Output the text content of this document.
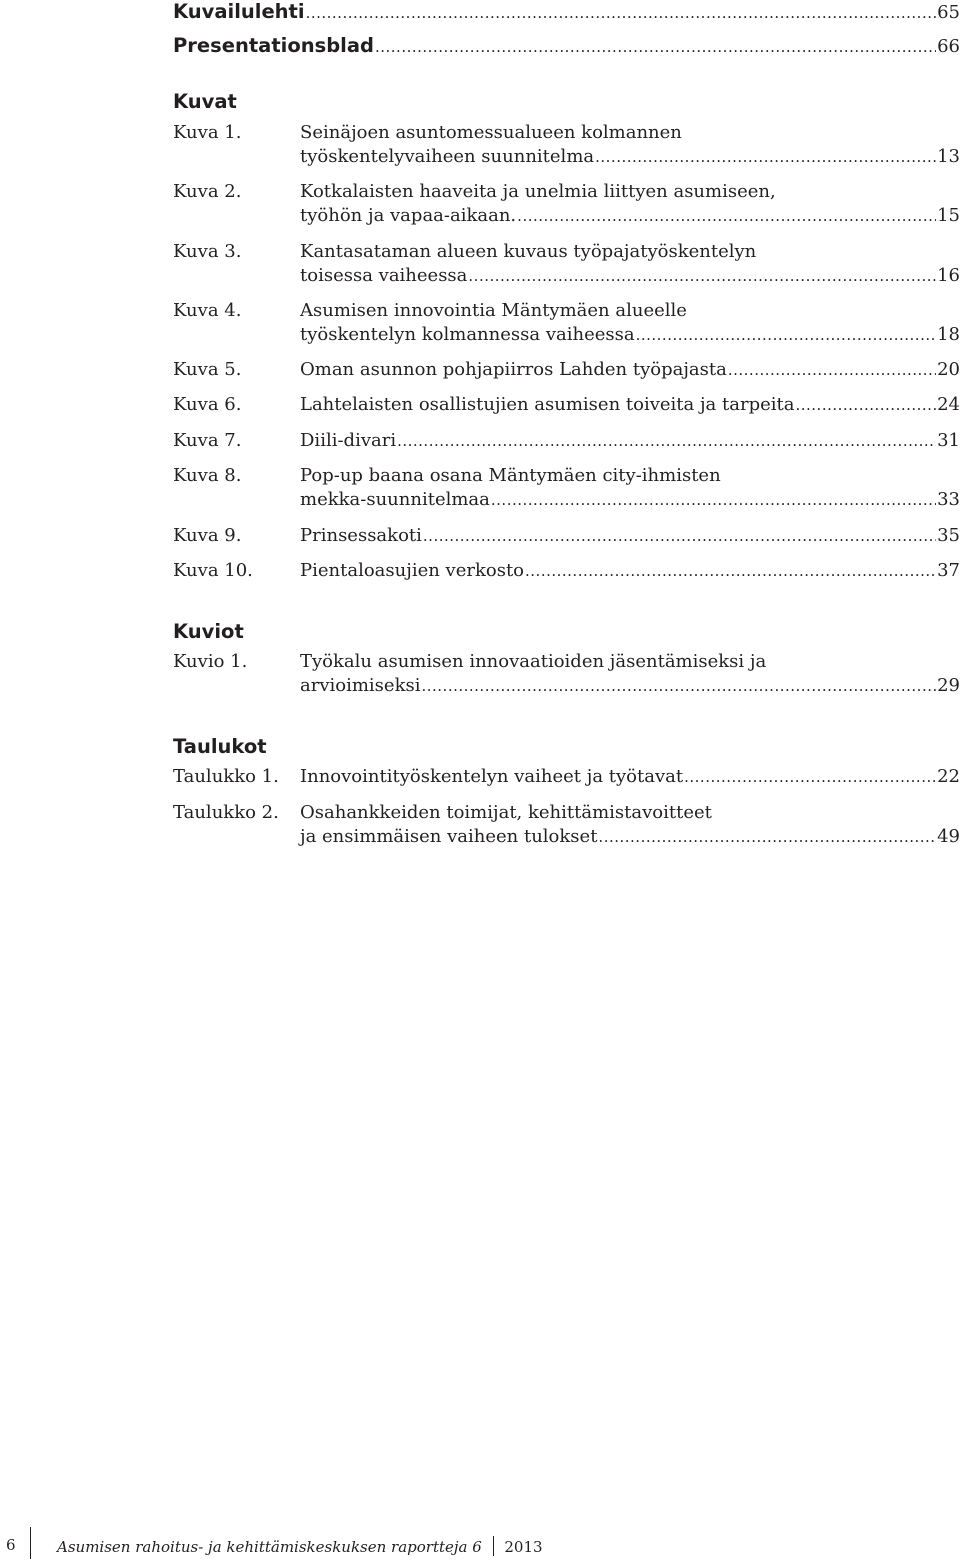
Kuvailulehti .....	65
Presentationsblad .....	66
Kuvat
Kuva 1.	Seinäjoen asuntomessualueen kolmannen
työskentelyvaiheen suunnitelma .....	13
Kuva 2.	Kotkalaisten haaveita ja unelmia liittyen asumiseen,
työhön ja vapaa-aikaan. .....	15
Kuva 3.	Kantasataman alueen kuvaus työpajatyöskentelyn
toisessa vaiheessa .....	16
Kuva 4.	Asumisen innovointia Mäntymäen alueelle
työskentelyn kolmannessa vaiheessa .....	18
Kuva 5.	Oman asunnon pohjapiirros Lahden työpajasta .....	20
Kuva 6.	Lahtelaisten osallistujien asumisen toiveita ja tarpeita .....	24
Kuva 7.	Diili-divari .....	31
Kuva 8.	Pop-up baana osana Mäntymäen city-ihmisten
mekka-suunnitelmaa .....	33
Kuva 9.	Prinsessakoti .....	35
Kuva 10.	Pientaloasujien verkosto .....	37
Kuviot
Kuvio 1.	Työkalu asumisen innovaatioiden jäsentämiseksi ja
arvioimiseksi .....	29
Taulukot
Taulukko 1. Innovointityöskentelyn vaiheet ja työtavat .....	22
Taulukko 2. Osahankkeiden toimijat, kehittämistavoitteet
ja ensimmäisen vaiheen tulokset .....	49
6	Asumisen rahoitus- ja kehittämiskeskuksen raportteja 6 2013
